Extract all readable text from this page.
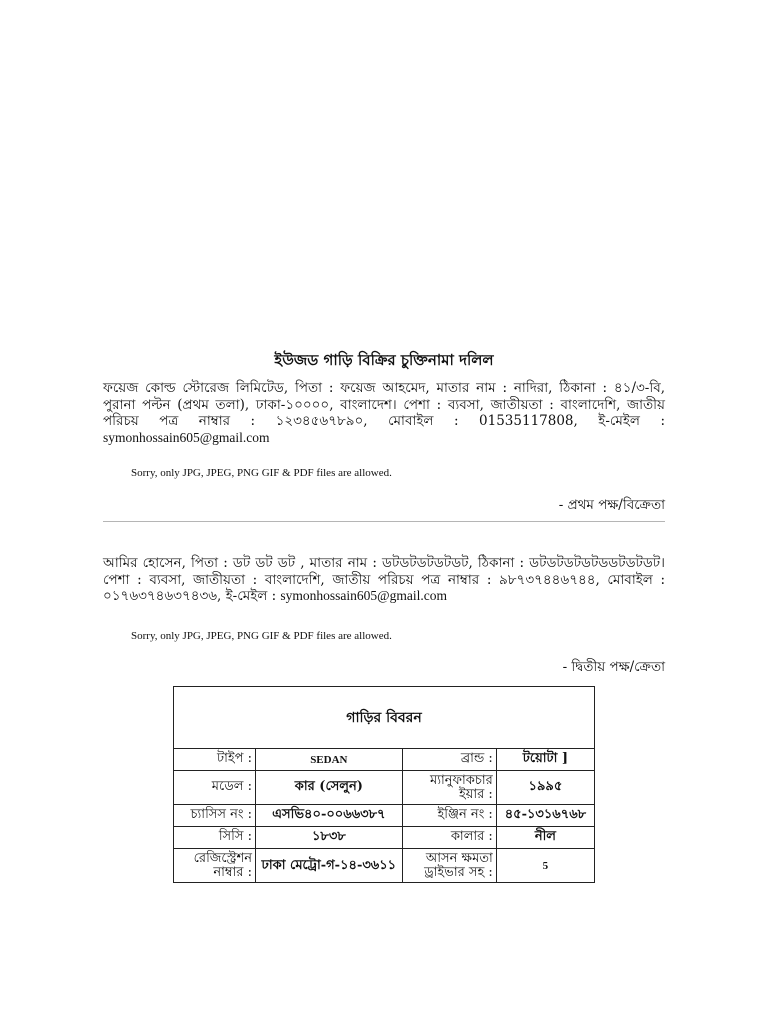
ইউজড গাড়ি বিক্রির চুক্তিনামা দলিল
ফয়েজ কোল্ড স্টোরেজ লিমিটেড, পিতা : ফয়েজ আহমেদ, মাতার নাম : নাদিরা, ঠিকানা : ৪১/৩-বি, পুরানা পল্টন (প্রথম তলা), ঢাকা-১০০০০, বাংলাদেশ। পেশা : ব্যবসা, জাতীয়তা : বাংলাদেশি, জাতীয় পরিচয় পত্র নাম্বার : ১২৩৪৫৬৭৮৯০, মোবাইল : 01535117808, ই-মেইল : symonhossain605@gmail.com
Sorry, only JPG, JPEG, PNG GIF & PDF files are allowed.
- প্রথম পক্ষ/বিক্রেতা
আমির হোসেন, পিতা : ডট ডট ডট , মাতার নাম : ডটডটডটডটডট, ঠিকানা : ডটডটডটডটডডটডটডট। পেশা : ব্যবসা, জাতীয়তা : বাংলাদেশি, জাতীয় পরিচয় পত্র নাম্বার : ৯৮৭৩৭৪৪৬৭৪৪, মোবাইল : ০১৭৬৩৭৪৬৩৭৪৩৬, ই-মেইল : symonhossain605@gmail.com
Sorry, only JPG, JPEG, PNG GIF & PDF files are allowed.
- দ্বিতীয় পক্ষ/ক্রেতা
গাড়ির বিবরন			
টাইপ :	SEDAN	ব্রান্ড :	টয়োটা ]
মডেল :	কার (সেলুন)	ম্যানুফাকচার ইয়ার :	১৯৯৫
চ্যাসিস নং :	এসভি৪০-০০৬৬৩৮৭	ইঞ্জিন নং :	৪৫-১৩১৬৭৬৮
সিসি :	১৮৩৮	কালার :	নীল
রেজিস্ট্রেশন নাম্বার :	ঢাকা মেট্রো-গ-১৪-৩৬১১	আসন ক্ষমতা ড্রাইভার সহ :	5
